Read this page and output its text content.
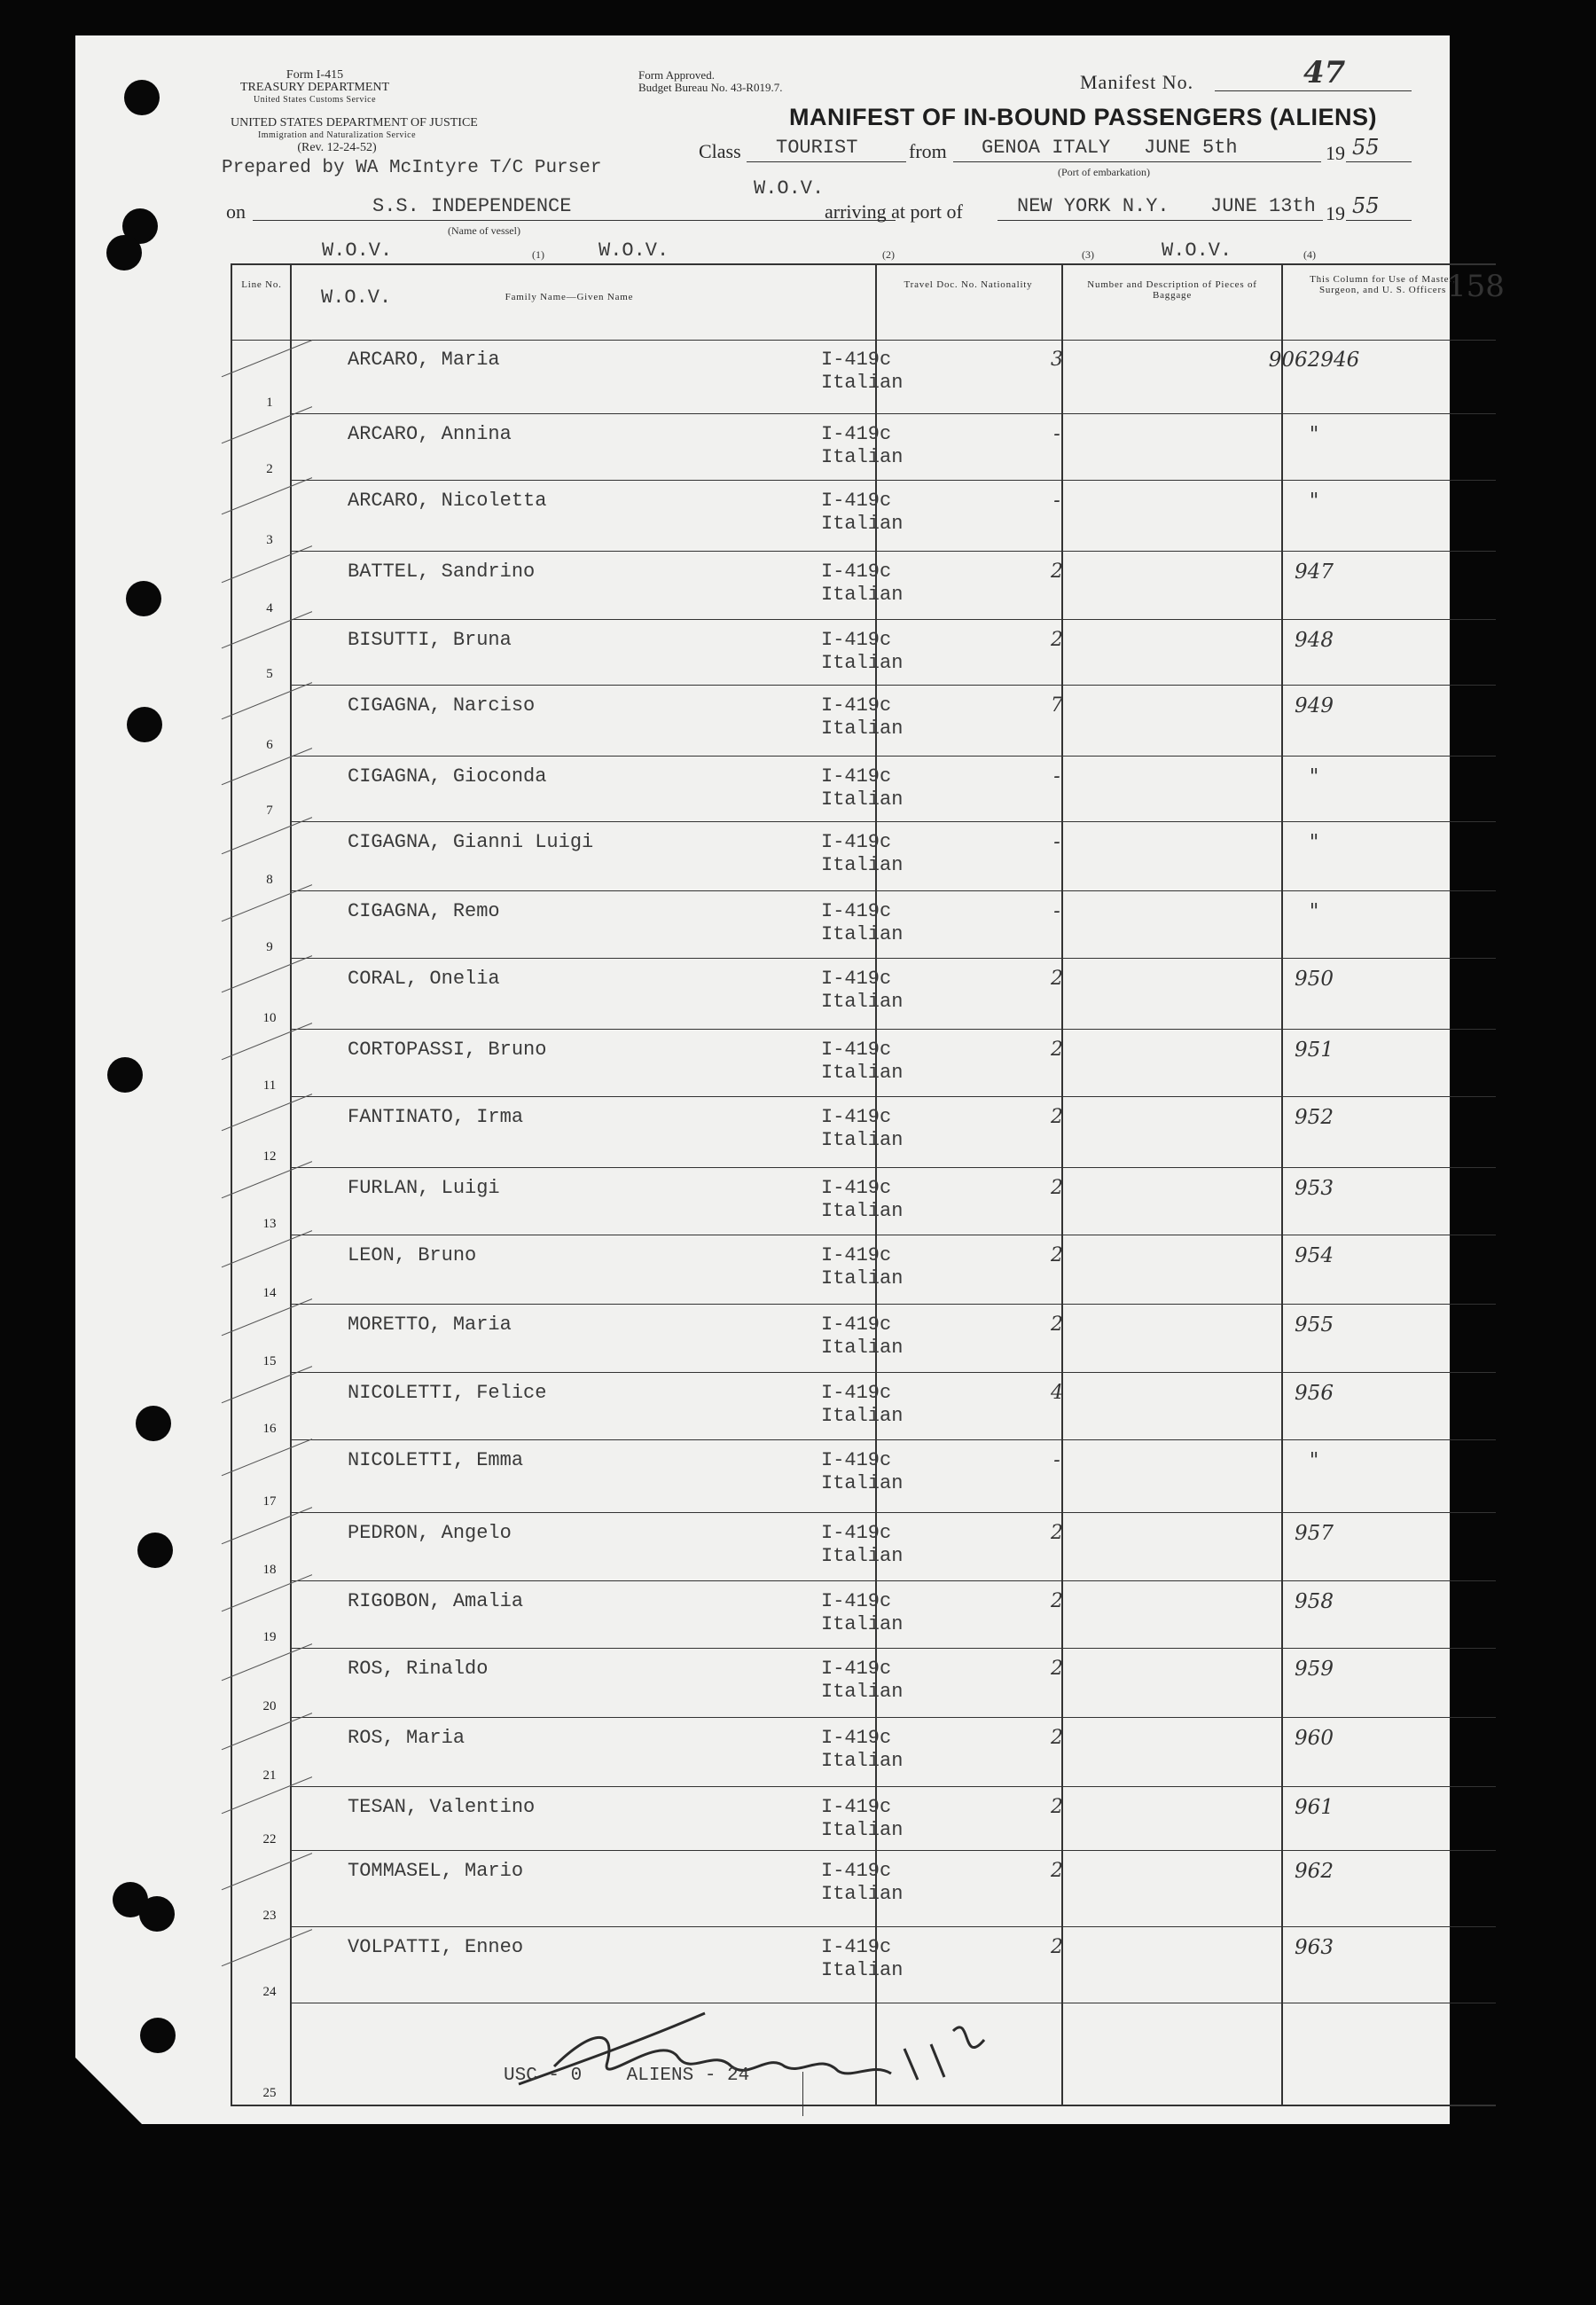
Form I-415
TREASURY DEPARTMENT
United States Customs Service
UNITED STATES DEPARTMENT OF JUSTICE
Immigration and Naturalization Service
(Rev. 12-24-52)
Prepared by WA McIntyre T/C Purser
Form Approved.
Budget Bureau No. 43-R019.7.	Manifest No.	47
MANIFEST OF IN-BOUND PASSENGERS (ALIENS)
Class TOURIST	from GENOA ITALY JUNE 5th	19 55
(Port of embarkation)
W.O.V.
on	S.S. INDEPENDENCE
(Name of vessel)
arriving at port of	NEW YORK N.Y. JUNE 13th 19 55
W.O.V.	(1)	W.O.V.	(2)	(3)	W.O.V.	(4)
Line No.
W.O.V.	Family Name—Given Name
Travel Doc. No. Nationality	Number and Description of Pieces of Baggage
This Column for Use of Master, Surgeon, and U. S. Officers 158
1
ARCARO, Maria	I-419c
Italian
3	9062946
2
ARCARO, Annina	I-419c
Italian
-	"
3
ARCARO, Nicoletta	I-419c
Italian
-	"
4
BATTEL, Sandrino	I-419c
Italian
2	947
5
BISUTTI, Bruna	I-419c
Italian
2	948
6
CIGAGNA, Narciso	I-419c
Italian
7	949
7
CIGAGNA, Gioconda	I-419c
Italian
-	"
8
CIGAGNA, Gianni Luigi	I-419c
Italian
-	"
9
CIGAGNA, Remo	I-419c
Italian
-	"
10
CORAL, Onelia	I-419c
Italian
2	950
11
CORTOPASSI, Bruno	I-419c
Italian
2	951
12
FANTINATO, Irma	I-419c
Italian
2	952
13
FURLAN, Luigi	I-419c
Italian
2	953
14
LEON, Bruno	I-419c
Italian
2	954
15
MORETTO, Maria	I-419c
Italian
2	955
16
NICOLETTI, Felice	I-419c
Italian
4	956
17
NICOLETTI, Emma	I-419c
Italian
-	"
18
PEDRON, Angelo	I-419c
Italian
2	957
19
RIGOBON, Amalia	I-419c
Italian
2	958
20
ROS, Rinaldo	I-419c
Italian
2	959
21
ROS, Maria	I-419c
Italian
2	960
22
TESAN, Valentino	I-419c
Italian
2	961
23
TOMMASEL, Mario	I-419c
Italian
2	962
24
VOLPATTI, Enneo	I-419c
Italian
2	963
25
USC - 0    ALIENS - 24
